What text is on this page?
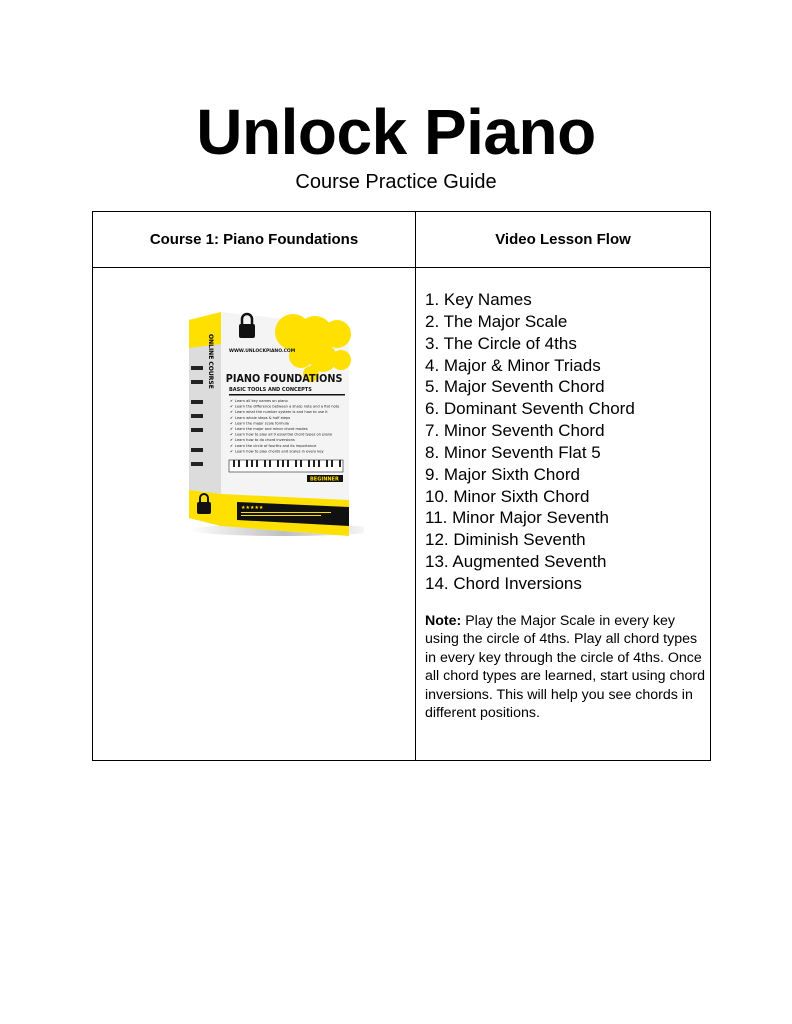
Unlock Piano
Course Practice Guide
Course 1: Piano Foundations	Video Lesson Flow
ONLINE COURSE	WWW.UNLOCKPIANO.COM
PIANO FOUNDATIONS
BASIC TOOLS AND CONCEPTS
✔ Learn all key names on piano
✔ Learn the difference between a sharp note and a flat note
✔ Learn what the number system is and how to use it
✔ Learn whole steps & half steps
✔ Learn the major scale formula
✔ Learn the major and minor chord modes
✔ Learn how to play all 9 essential chord types on piano
✔ Learn how to do chord inversions
✔ Learn the circle of fourths and its importance
✔ Learn how to play chords and scales in every key
BEGINNER
★★★★★
1. Key Names
2. The Major Scale
3. The Circle of 4ths
4. Major & Minor Triads
5. Major Seventh Chord
6. Dominant Seventh Chord
7. Minor Seventh Chord
8. Minor Seventh Flat 5
9. Major Sixth Chord
10. Minor Sixth Chord
11. Minor Major Seventh
12. Diminish Seventh
13. Augmented Seventh
14. Chord Inversions
Note: Play the Major Scale in every key using the circle of 4ths. Play all chord types in every key through the circle of 4ths. Once all chord types are learned, start using chord inversions. This will help you see chords in different positions.
